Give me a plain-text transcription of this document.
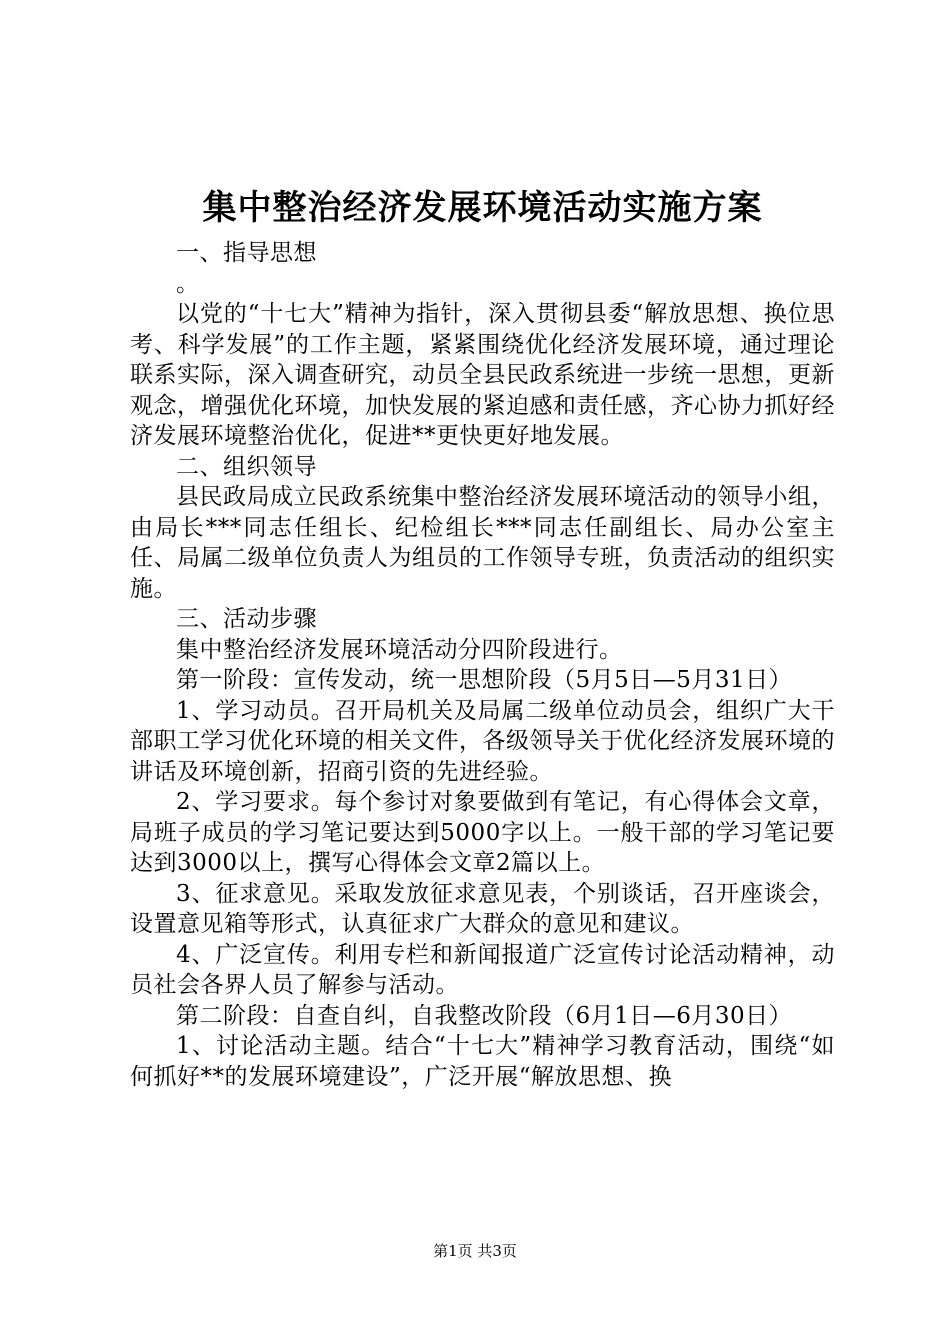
集中整治经济发展环境活动实施方案

一、指导思想

。

以党的“十七大”精神为指针，深入贯彻县委“解放思想、换位思考、科学发展”的工作主题，紧紧围绕优化经济发展环境，通过理论联系实际，深入调查研究，动员全县民政系统进一步统一思想，更新观念，增强优化环境，加快发展的紧迫感和责任感，齐心协力抓好经济发展环境整治优化，促进**更快更好地发展。

二、组织领导

县民政局成立民政系统集中整治经济发展环境活动的领导小组，由局长***同志任组长、纪检组长***同志任副组长、局办公室主任、局属二级单位负责人为组员的工作领导专班，负责活动的组织实施。

三、活动步骤

集中整治经济发展环境活动分四阶段进行。

第一阶段：宣传发动，统一思想阶段（5月5日—5月31日）

1、学习动员。召开局机关及局属二级单位动员会，组织广大干部职工学习优化环境的相关文件，各级领导关于优化经济发展环境的讲话及环境创新，招商引资的先进经验。

2、学习要求。每个参讨对象要做到有笔记，有心得体会文章，局班子成员的学习笔记要达到5000字以上。一般干部的学习笔记要达到3000以上，撰写心得体会文章2篇以上。

3、征求意见。采取发放征求意见表，个别谈话，召开座谈会，设置意见箱等形式，认真征求广大群众的意见和建议。

4、广泛宣传。利用专栏和新闻报道广泛宣传讨论活动精神，动员社会各界人员了解参与活动。

第二阶段：自查自纠，自我整改阶段（6月1日—6月30日）

1、讨论活动主题。结合“十七大”精神学习教育活动，围绕“如何抓好**的发展环境建设”，广泛开展“解放思想、换

第1页 共3页
